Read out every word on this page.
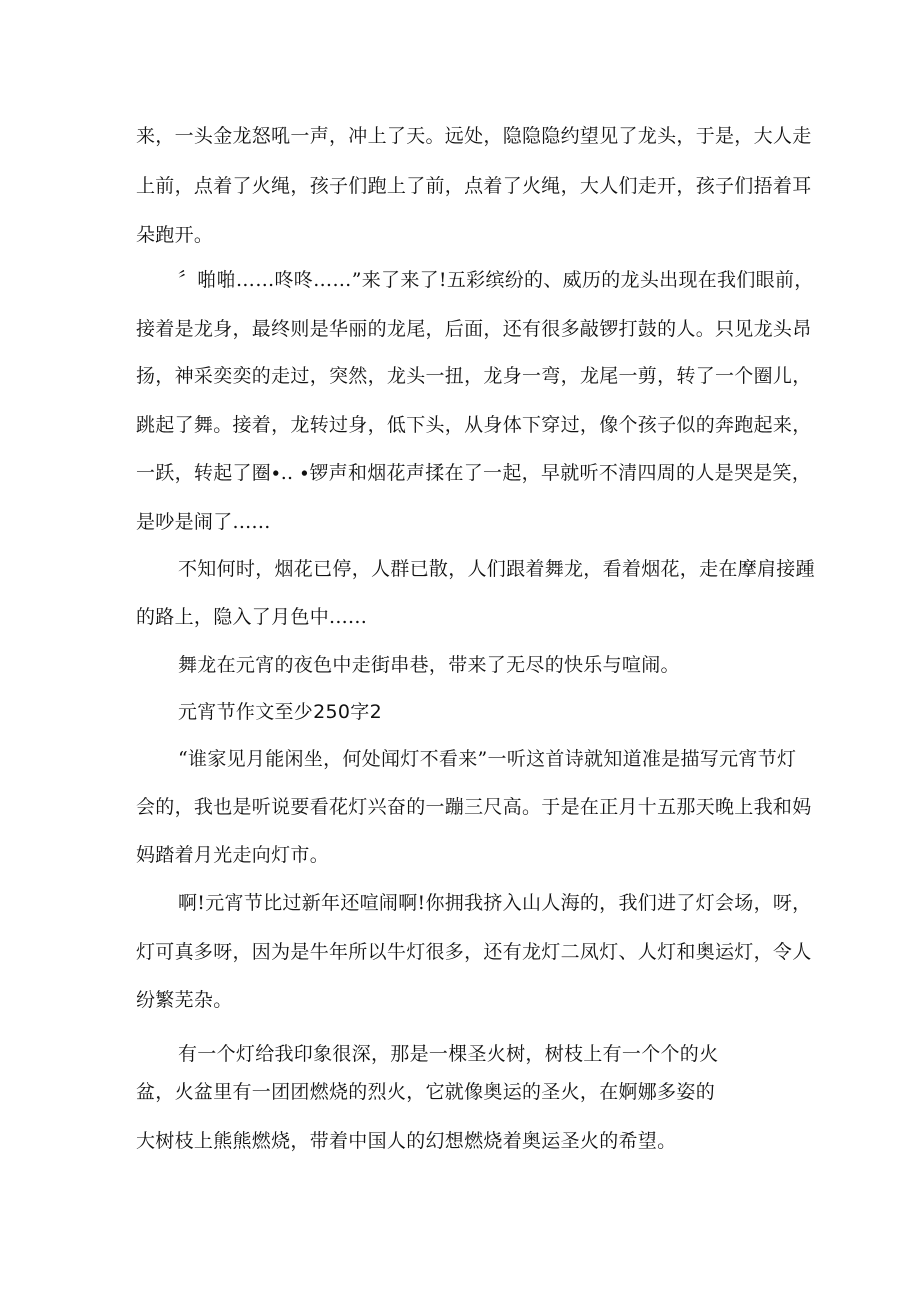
来，一头金龙怒吼一声，冲上了天。远处，隐隐隐约望见了龙头，于是，大人走
上前，点着了火绳，孩子们跑上了前，点着了火绳，大人们走开，孩子们捂着耳
朵跑开。
〞啪啪……咚咚……”来了来了!五彩缤纷的、威历的龙头出现在我们眼前，
接着是龙身，最终则是华丽的龙尾，后面，还有很多敲锣打鼓的人。只见龙头昂
扬，神采奕奕的走过，突然，龙头一扭，龙身一弯，龙尾一剪，转了一个圈儿，
跳起了舞。接着，龙转过身，低下头，从身体下穿过，像个孩子似的奔跑起来，
一跃，转起了圈∙.. ∙锣声和烟花声揉在了一起，早就听不清四周的人是哭是笑，
是吵是闹了......
不知何时，烟花已停，人群已散，人们跟着舞龙，看着烟花，走在摩肩接踵
的路上，隐入了月色中......
舞龙在元宵的夜色中走街串巷，带来了无尽的快乐与喧闹。
元宵节作文至少250字2
“谁家见月能闲坐，何处闻灯不看来”一听这首诗就知道准是描写元宵节灯
会的，我也是听说要看花灯兴奋的一蹦三尺高。于是在正月十五那天晚上我和妈
妈踏着月光走向灯市。
啊!元宵节比过新年还喧闹啊!你拥我挤入山人海的，我们进了灯会场，呀，
灯可真多呀，因为是牛年所以牛灯很多，还有龙灯二凤灯、人灯和奥运灯，令人
纷繁芜杂。
有一个灯给我印象很深，那是一棵圣火树，树枝上有一个个的火
盆，火盆里有一团团燃烧的烈火，它就像奥运的圣火，在婀娜多姿的
大树枝上熊熊燃烧，带着中国人的幻想燃烧着奥运圣火的希望。
